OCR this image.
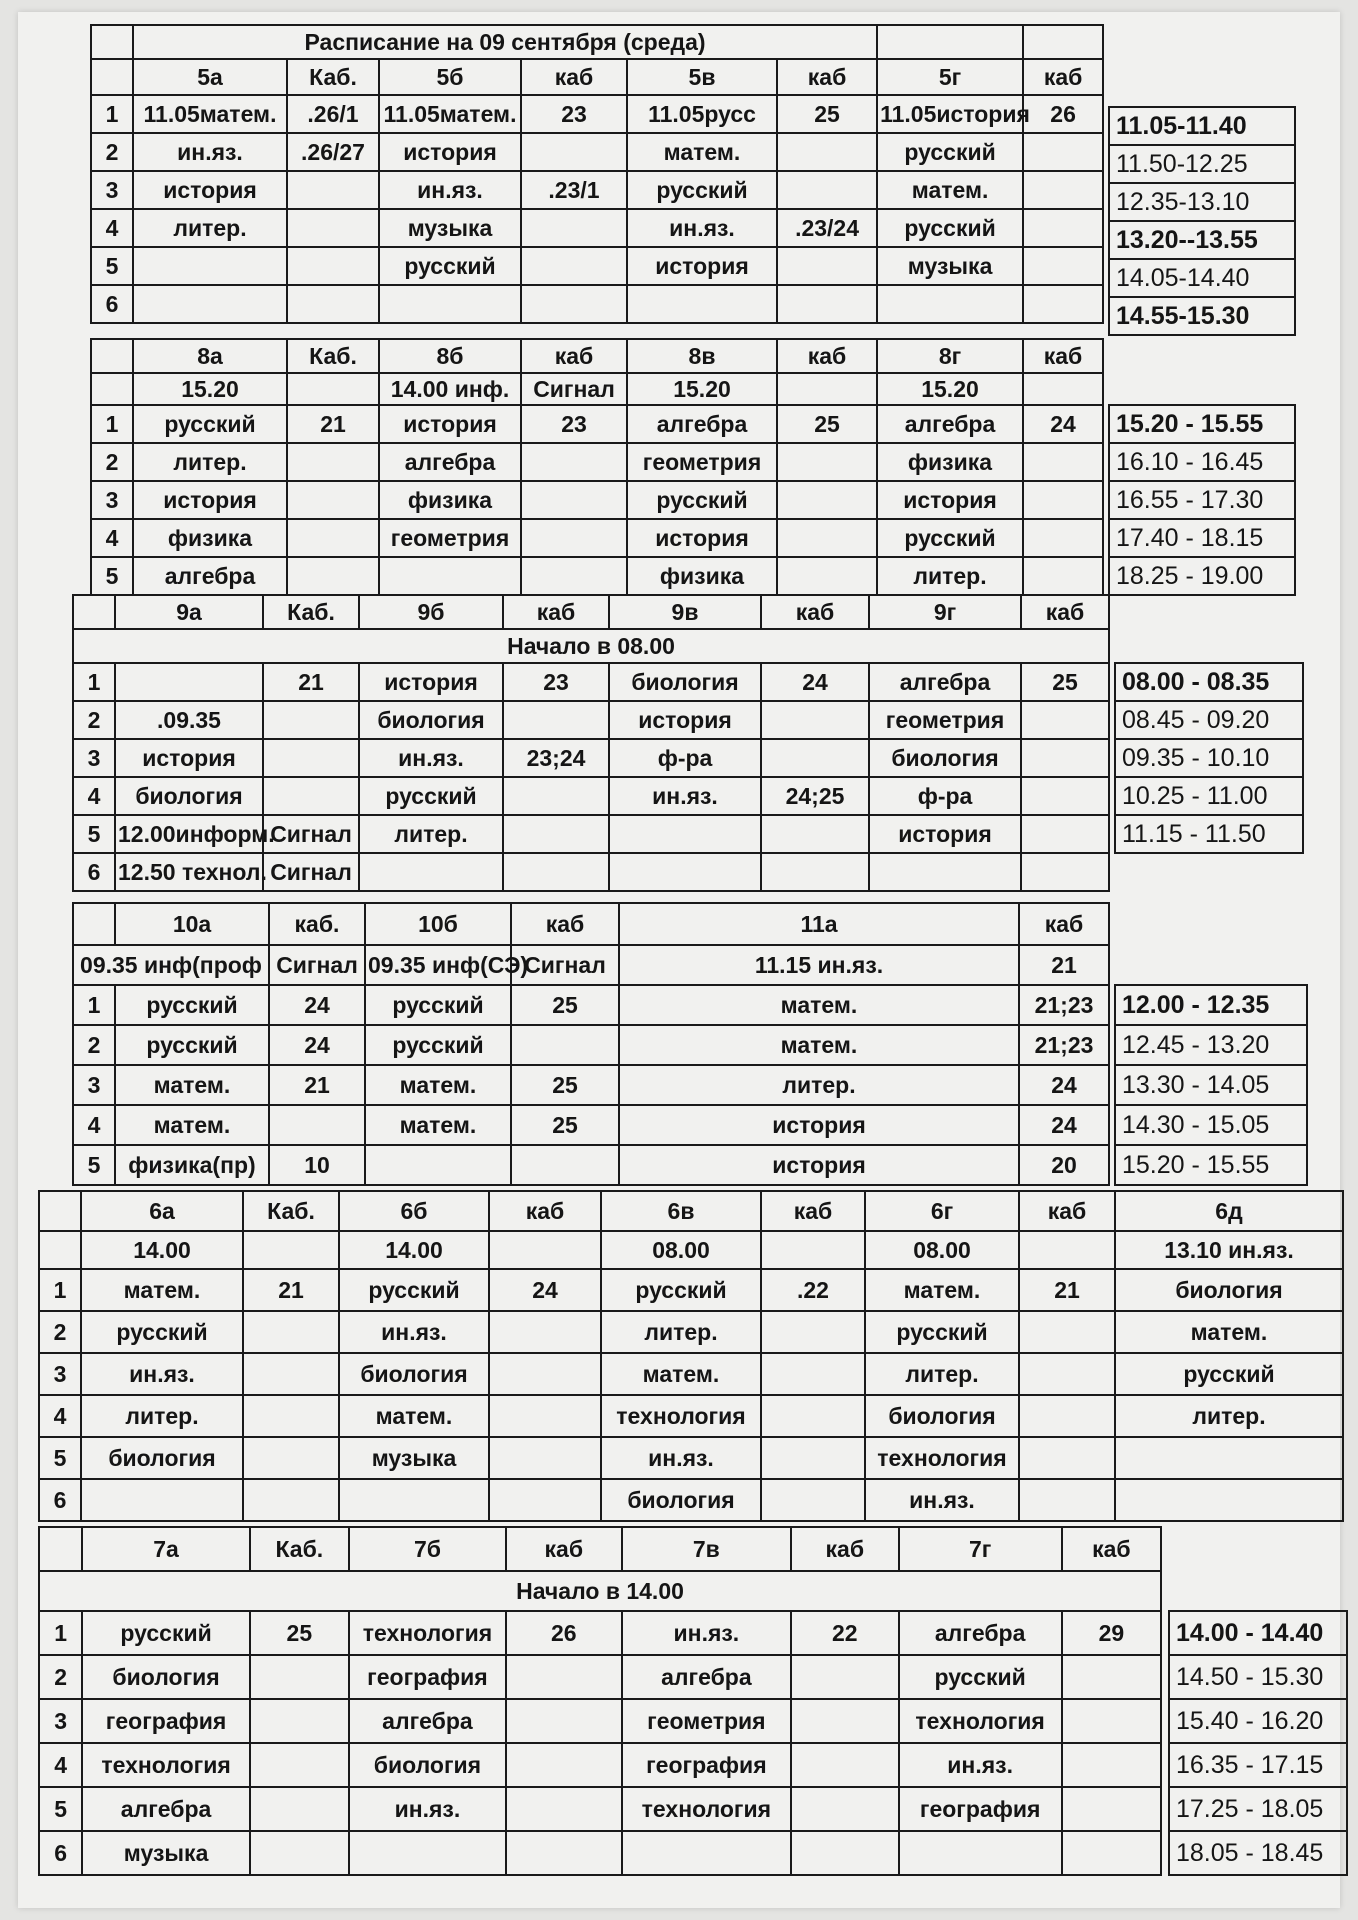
	Расписание на 09 сентября (среда)							
	5а	Каб.	5б	каб	5в	каб	5г	каб
1	11.05матем.	.26/1	11.05матем.	23	11.05русс	25	11.05история	26
2	ин.яз.	.26/27	история		матем.		русский	
3	история		ин.яз.	.23/1	русский		матем.	
4	литер.		музыка		ин.яз.	.23/24	русский	
5			русский		история		музыка	
6								
11.05-11.40
11.50-12.25
12.35-13.10
13.20--13.55
14.05-14.40
14.55-15.30
	8а	Каб.	8б	каб	8в	каб	8г	каб
	15.20		14.00 инф.	Сигнал	15.20		15.20	
1	русский	21	история	23	алгебра	25	алгебра	24
2	литер.		алгебра		геометрия		физика	
3	история		физика		русский		история	
4	физика		геометрия		история		русский	
5	алгебра				физика		литер.	
15.20 - 15.55
16.10 - 16.45
16.55 - 17.30
17.40 - 18.15
18.25 - 19.00
	9а	Каб.	9б	каб	9в	каб	9г	каб
Начало в 08.00								
1		21	история	23	биология	24	алгебра	25
2	.09.35		биология		история		геометрия	
3	история		ин.яз.	23;24	ф-ра		биология	
4	биология		русский		ин.яз.	24;25	ф-ра	
5	12.00информ.	Сигнал	литер.				история	
6	12.50 технол.	Сигнал						
08.00 - 08.35
08.45 - 09.20
09.35 - 10.10
10.25 - 11.00
11.15 - 11.50
	10а	каб.	10б	каб	11а	каб
09.35 инф(проф		Сигнал	09.35 инф(СЭ)	Сигнал	11.15 ин.яз.	21
1	русский	24	русский	25	матем.	21;23
2	русский	24	русский		матем.	21;23
3	матем.	21	матем.	25	литер.	24
4	матем.		матем.	25	история	24
5	физика(пр)	10			история	20
12.00 - 12.35
12.45 - 13.20
13.30 - 14.05
14.30 - 15.05
15.20 - 15.55
	6а	Каб.	6б	каб	6в	каб	6г	каб	6д
	14.00		14.00		08.00		08.00		13.10 ин.яз.
1	матем.	21	русский	24	русский	.22	матем.	21	биология
2	русский		ин.яз.		литер.		русский		матем.
3	ин.яз.		биология		матем.		литер.		русский
4	литер.		матем.		технология		биология		литер.
5	биология		музыка		ин.яз.		технология		
6					биология		ин.яз.		
	7а	Каб.	7б	каб	7в	каб	7г	каб
Начало в 14.00								
1	русский	25	технология	26	ин.яз.	22	алгебра	29
2	биология		география		алгебра		русский	
3	география		алгебра		геометрия		технология	
4	технология		биология		география		ин.яз.	
5	алгебра		ин.яз.		технология		география	
6	музыка							
14.00 - 14.40
14.50 - 15.30
15.40 - 16.20
16.35 - 17.15
17.25 - 18.05
18.05 - 18.45
